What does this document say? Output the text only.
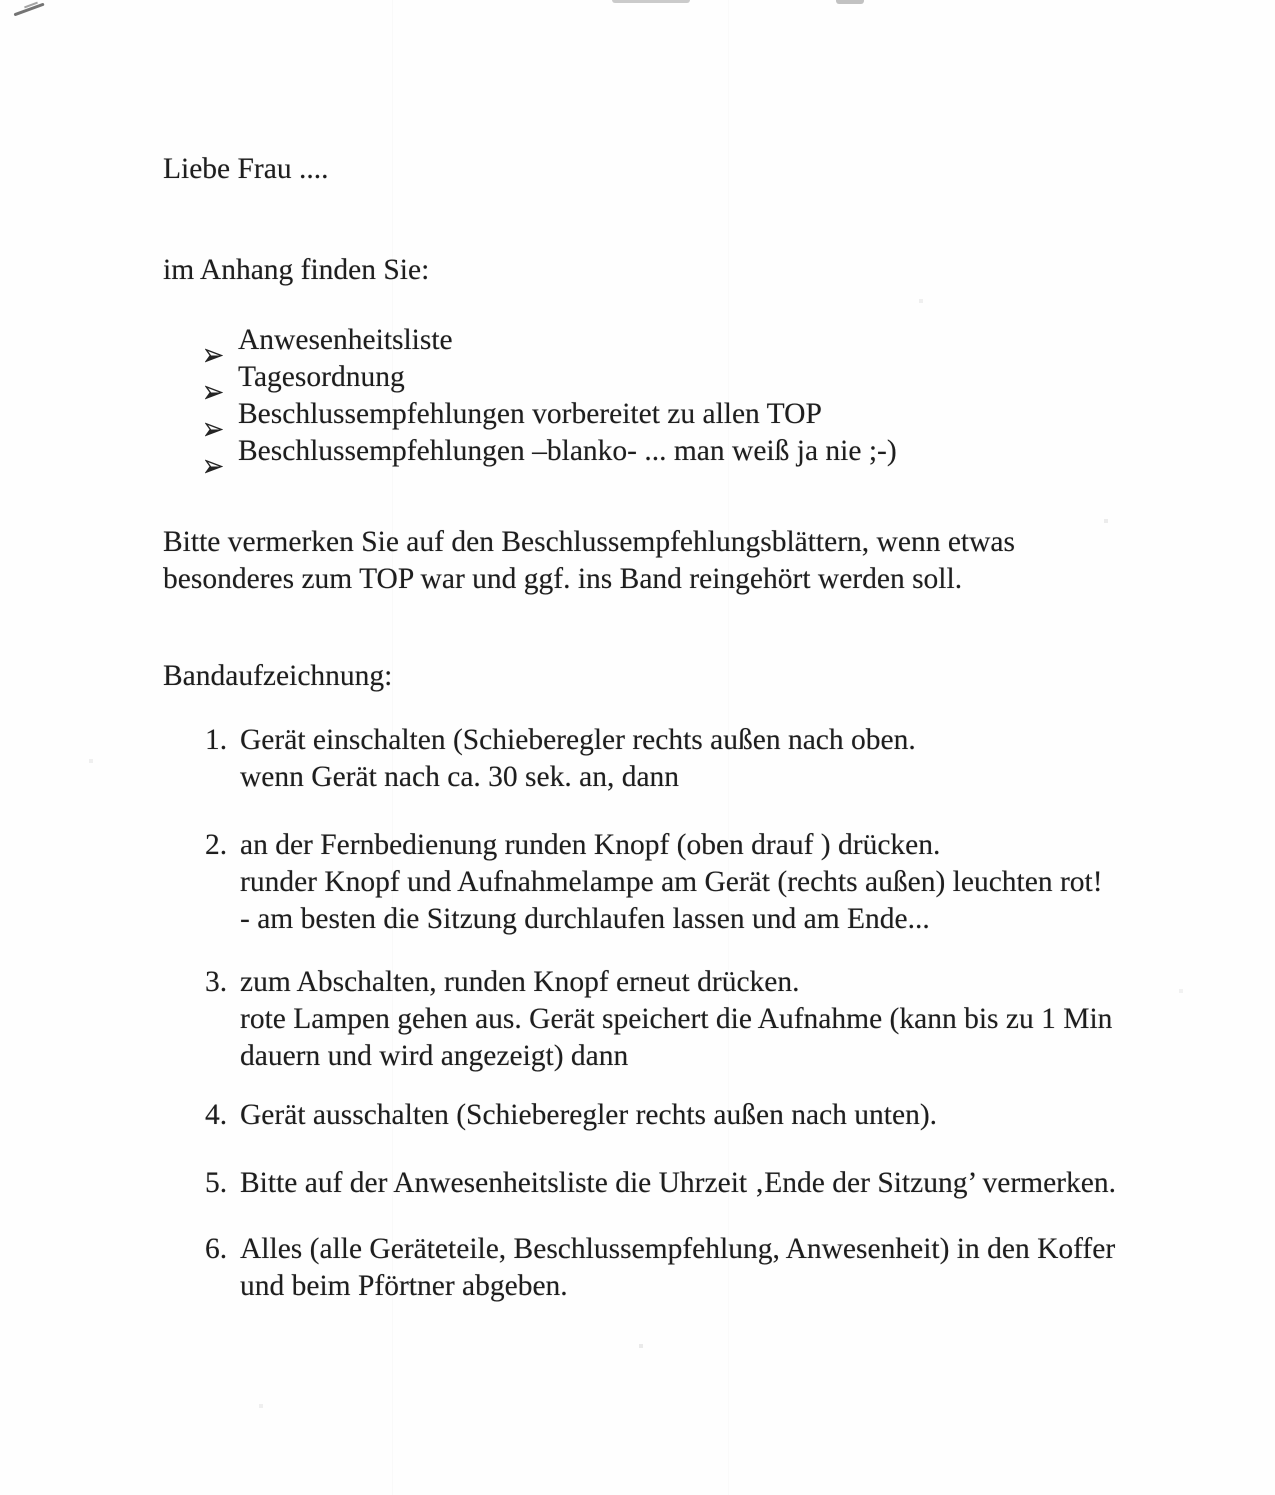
Liebe Frau ....
im Anhang finden Sie:
Anwesenheitsliste
Tagesordnung
Beschlussempfehlungen vorbereitet zu allen TOP
Beschlussempfehlungen –blanko- ... man weiß ja nie ;-)
Bitte vermerken Sie auf den Beschlussempfehlungsblättern, wenn etwas
besonderes zum TOP war und ggf. ins Band reingehört werden soll.
Bandaufzeichnung:
1. Gerät einschalten (Schieberegler rechts außen nach oben.
wenn Gerät nach ca. 30 sek. an, dann
2. an der Fernbedienung runden Knopf (oben drauf ) drücken.
runder Knopf und Aufnahmelampe am Gerät (rechts außen) leuchten rot!
- am besten die Sitzung durchlaufen lassen und am Ende...
3. zum Abschalten, runden Knopf erneut drücken.
rote Lampen gehen aus. Gerät speichert die Aufnahme (kann bis zu 1 Min
dauern und wird angezeigt) dann
4. Gerät ausschalten (Schieberegler rechts außen nach unten).
5. Bitte auf der Anwesenheitsliste die Uhrzeit ‚Ende der Sitzung’ vermerken.
6. Alles (alle Geräteteile, Beschlussempfehlung, Anwesenheit) in den Koffer
und beim Pförtner abgeben.
